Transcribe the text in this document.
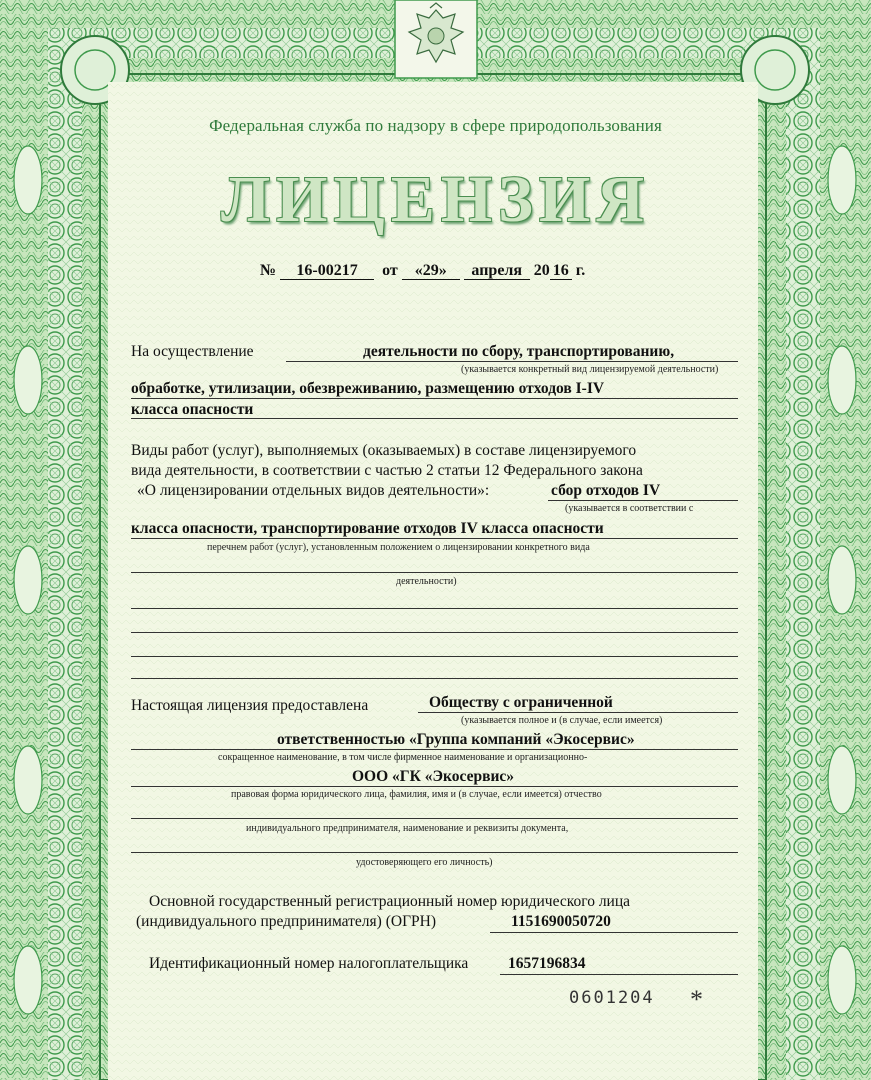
Федеральная служба по надзору в сфере природопользования
ЛИЦЕНЗИЯ
№ 16-00217 от «29» апреля 20 16 г.
На осуществление	деятельности по сбору, транспортированию,
(указывается конкретный вид лицензируемой деятельности)
обработке, утилизации, обезвреживанию, размещению отходов I-IV
класса опасности
Виды работ (услуг), выполняемых (оказываемых) в составе лицензируемого
вида деятельности, в соответствии с частью 2 статьи 12 Федерального закона
«О лицензировании отдельных видов деятельности»:	сбор отходов IV
(указывается в соответствии с
класса опасности, транспортирование отходов IV класса опасности
перечнем работ (услуг), установленным положением о лицензировании конкретного вида
деятельности)
Настоящая лицензия предоставлена	Обществу с ограниченной
(указывается полное и (в случае, если имеется)
ответственностью «Группа компаний «Экосервис»
сокращенное наименование, в том числе фирменное наименование и организационно-
ООО «ГК «Экосервис»
правовая форма юридического лица, фамилия, имя и (в случае, если имеется) отчество
индивидуального предпринимателя, наименование и реквизиты документа,
удостоверяющего его личность)
Основной государственный регистрационный номер юридического лица
(индивидуального предпринимателя) (ОГРН)	1151690050720
Идентификационный номер налогоплательщика	1657196834
0601204 *
